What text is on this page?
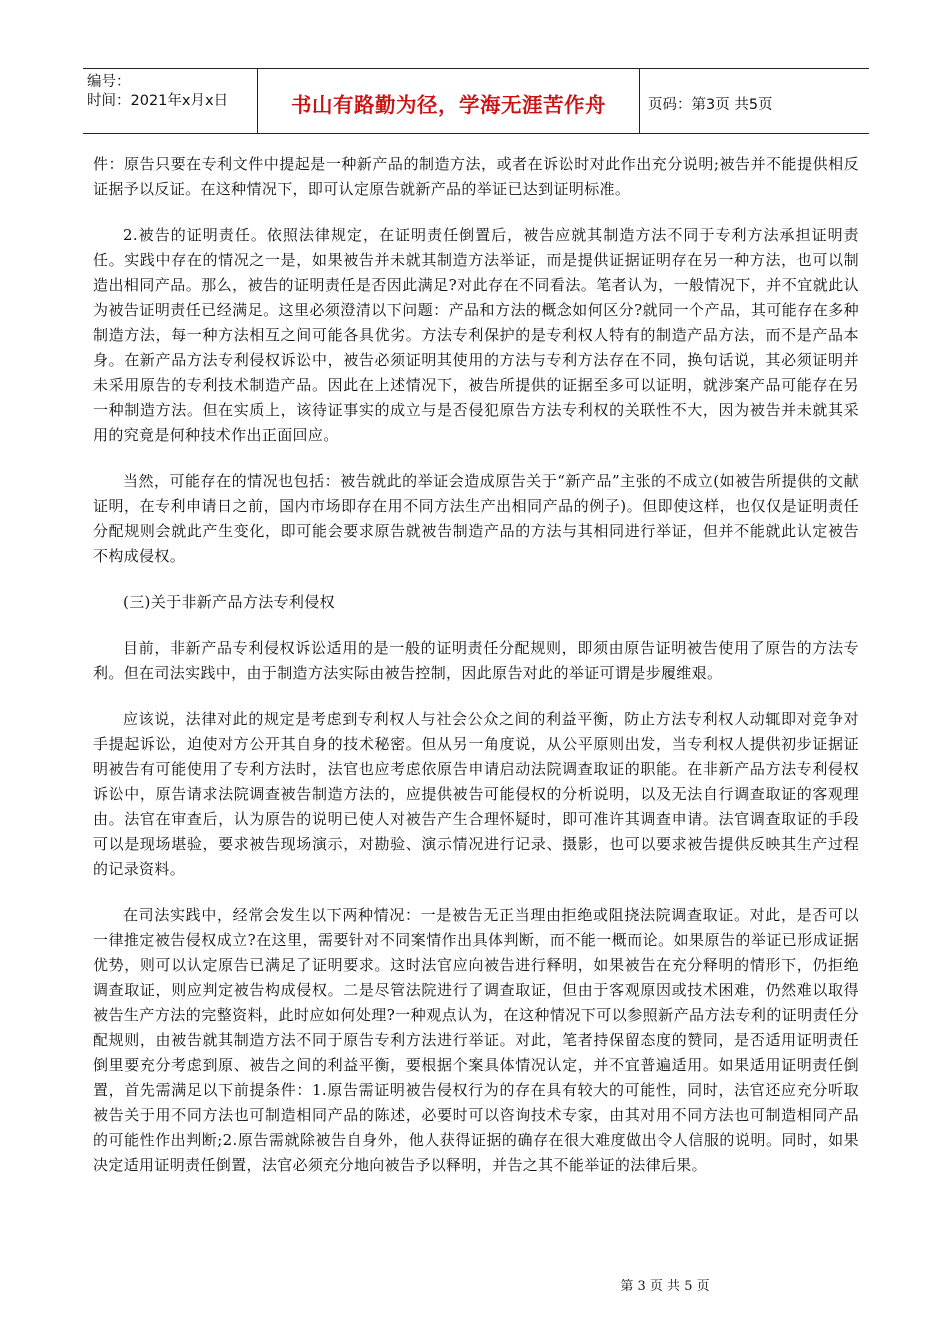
编号：
时间：2021年x月x日	书山有路勤为径，学海无涯苦作舟	页码：第3页 共5页

件：原告只要在专利文件中提起是一种新产品的制造方法，或者在诉讼时对此作出充分说明;被告并不能提供相反证据予以反证。在这种情况下，即可认定原告就新产品的举证已达到证明标准。

2.被告的证明责任。依照法律规定，在证明责任倒置后，被告应就其制造方法不同于专利方法承担证明责任。实践中存在的情况之一是，如果被告并未就其制造方法举证，而是提供证据证明存在另一种方法，也可以制造出相同产品。那么，被告的证明责任是否因此满足?对此存在不同看法。笔者认为，一般情况下，并不宜就此认为被告证明责任已经满足。这里必须澄清以下问题：产品和方法的概念如何区分?就同一个产品，其可能存在多种制造方法，每一种方法相互之间可能各具优劣。方法专利保护的是专利权人特有的制造产品方法，而不是产品本身。在新产品方法专利侵权诉讼中，被告必须证明其使用的方法与专利方法存在不同，换句话说，其必须证明并未采用原告的专利技术制造产品。因此在上述情况下，被告所提供的证据至多可以证明，就涉案产品可能存在另一种制造方法。但在实质上，该待证事实的成立与是否侵犯原告方法专利权的关联性不大，因为被告并未就其采用的究竟是何种技术作出正面回应。

当然，可能存在的情况也包括：被告就此的举证会造成原告关于“新产品”主张的不成立(如被告所提供的文献证明，在专利申请日之前，国内市场即存在用不同方法生产出相同产品的例子)。但即使这样，也仅仅是证明责任分配规则会就此产生变化，即可能会要求原告就被告制造产品的方法与其相同进行举证，但并不能就此认定被告不构成侵权。

(三)关于非新产品方法专利侵权

目前，非新产品专利侵权诉讼适用的是一般的证明责任分配规则，即须由原告证明被告使用了原告的方法专利。但在司法实践中，由于制造方法实际由被告控制，因此原告对此的举证可谓是步履维艰。

应该说，法律对此的规定是考虑到专利权人与社会公众之间的利益平衡，防止方法专利权人动辄即对竞争对手提起诉讼，迫使对方公开其自身的技术秘密。但从另一角度说，从公平原则出发，当专利权人提供初步证据证明被告有可能使用了专利方法时，法官也应考虑依原告申请启动法院调查取证的职能。在非新产品方法专利侵权诉讼中，原告请求法院调查被告制造方法的，应提供被告可能侵权的分析说明，以及无法自行调查取证的客观理由。法官在审查后，认为原告的说明已使人对被告产生合理怀疑时，即可准许其调查申请。法官调查取证的手段可以是现场堪验，要求被告现场演示，对勘验、演示情况进行记录、摄影，也可以要求被告提供反映其生产过程的记录资料。

在司法实践中，经常会发生以下两种情况：一是被告无正当理由拒绝或阻挠法院调查取证。对此，是否可以一律推定被告侵权成立?在这里，需要针对不同案情作出具体判断，而不能一概而论。如果原告的举证已形成证据优势，则可以认定原告已满足了证明要求。这时法官应向被告进行释明，如果被告在充分释明的情形下，仍拒绝调查取证，则应判定被告构成侵权。二是尽管法院进行了调查取证，但由于客观原因或技术困难，仍然难以取得被告生产方法的完整资料，此时应如何处理?一种观点认为，在这种情况下可以参照新产品方法专利的证明责任分配规则，由被告就其制造方法不同于原告专利方法进行举证。对此，笔者持保留态度的赞同，是否适用证明责任倒里要充分考虑到原、被告之间的利益平衡，要根据个案具体情况认定，并不宜普遍适用。如果适用证明责任倒置，首先需满足以下前提条件：1.原告需证明被告侵权行为的存在具有较大的可能性，同时，法官还应充分听取被告关于用不同方法也可制造相同产品的陈述，必要时可以咨询技术专家，由其对用不同方法也可制造相同产品的可能性作出判断;2.原告需就除被告自身外，他人获得证据的确存在很大难度做出令人信服的说明。同时，如果决定适用证明责任倒置，法官必须充分地向被告予以释明，并告之其不能举证的法律后果。

第 3 页 共 5 页
